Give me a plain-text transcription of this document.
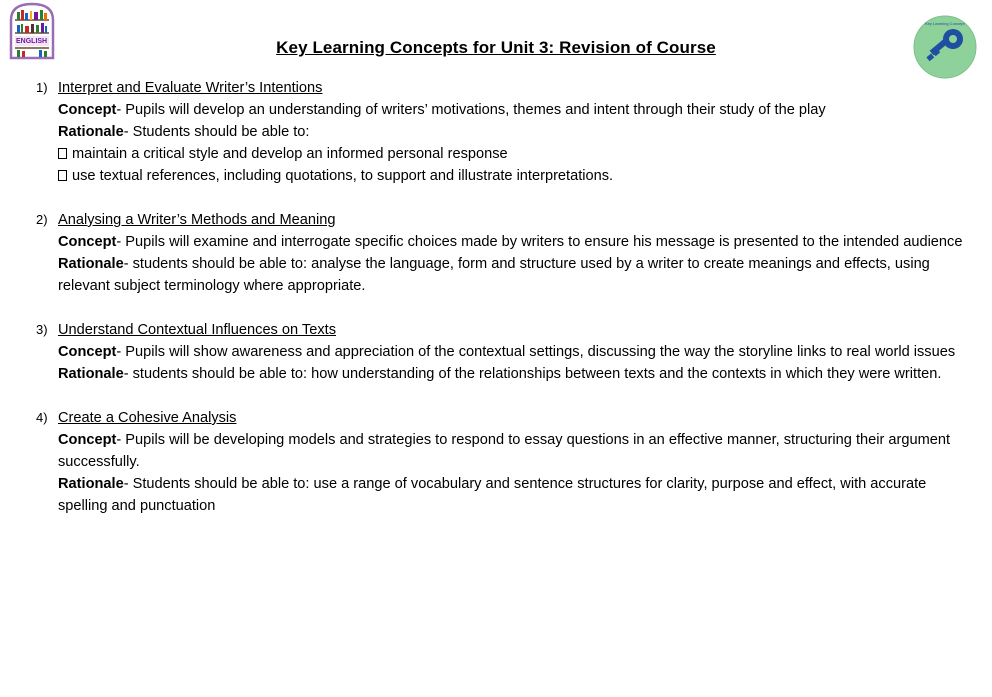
ENGLISH
Key Learning Concept
Key Learning Concepts for Unit 3: Revision of Course
1) Interpret and Evaluate Writer’s Intentions
Concept- Pupils will develop an understanding of writers’ motivations, themes and intent through their study of the play
Rationale- Students should be able to:
maintain a critical style and develop an informed personal response
use textual references, including quotations, to support and illustrate interpretations.
2) Analysing a Writer’s Methods and Meaning
Concept- Pupils will examine and interrogate specific choices made by writers to ensure his message is presented to the intended audience
Rationale- students should be able to: analyse the language, form and structure used by a writer to create meanings and effects, using relevant subject terminology where appropriate.
3) Understand Contextual Influences on Texts
Concept- Pupils will show awareness and appreciation of the contextual settings, discussing the way the storyline links to real world issues
Rationale- students should be able to: how understanding of the relationships between texts and the contexts in which they were written.
4) Create a Cohesive Analysis
Concept- Pupils will be developing models and strategies to respond to essay questions in an effective manner, structuring their argument successfully.
Rationale- Students should be able to: use a range of vocabulary and sentence structures for clarity, purpose and effect, with accurate spelling and punctuation
